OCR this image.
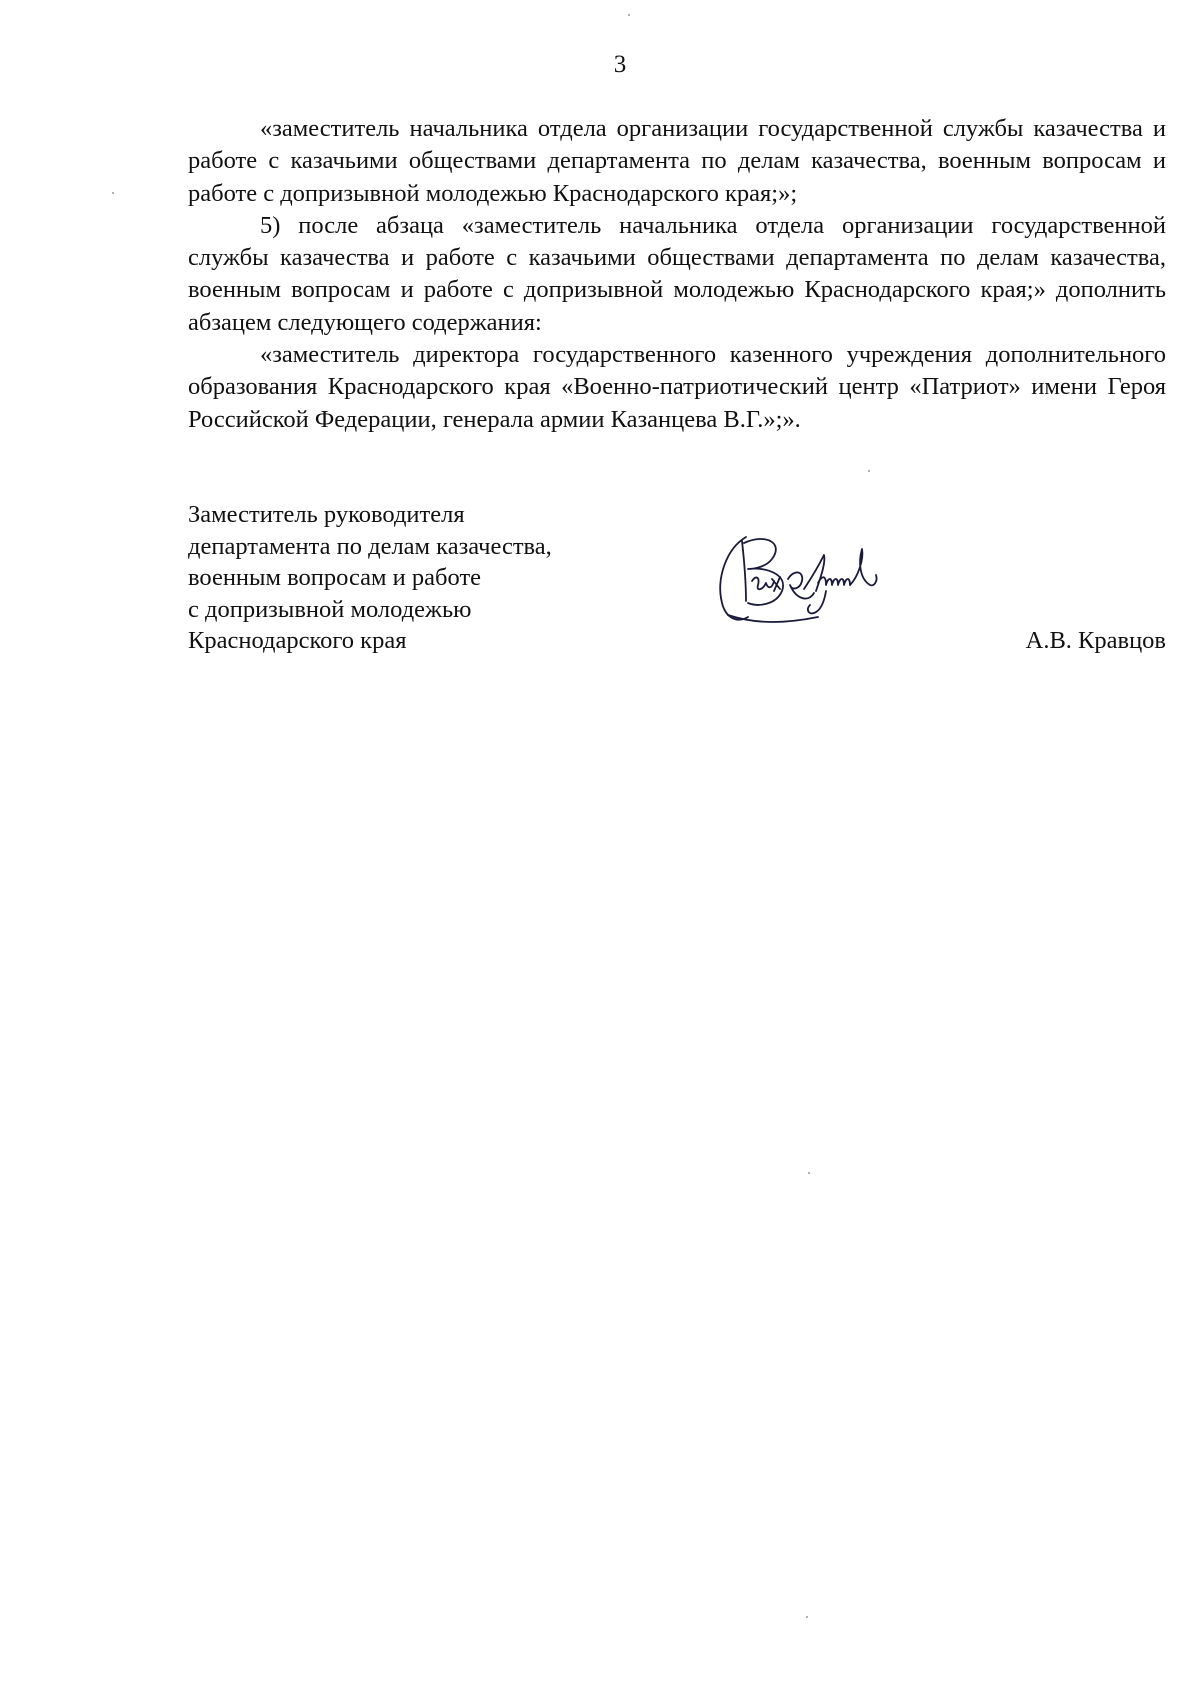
3

«заместитель начальника отдела организации государственной службы казачества и работе с казачьими обществами департамента по делам казачества, военным вопросам и работе с допризывной молодежью Краснодарского края;»;

5) после абзаца «заместитель начальника отдела организации государственной службы казачества и работе с казачьими обществами департамента по делам казачества, военным вопросам и работе с допризывной молодежью Краснодарского края;» дополнить абзацем следующего содержания:

«заместитель директора государственного казенного учреждения дополнительного образования Краснодарского края «Военно-патриотический центр «Патриот» имени Героя Российской Федерации, генерала армии Казанцева В.Г.»;».

Заместитель руководителя
департамента по делам казачества,
военным вопросам и работе
с допризывной молодежью
Краснодарского края	А.В. Кравцов
